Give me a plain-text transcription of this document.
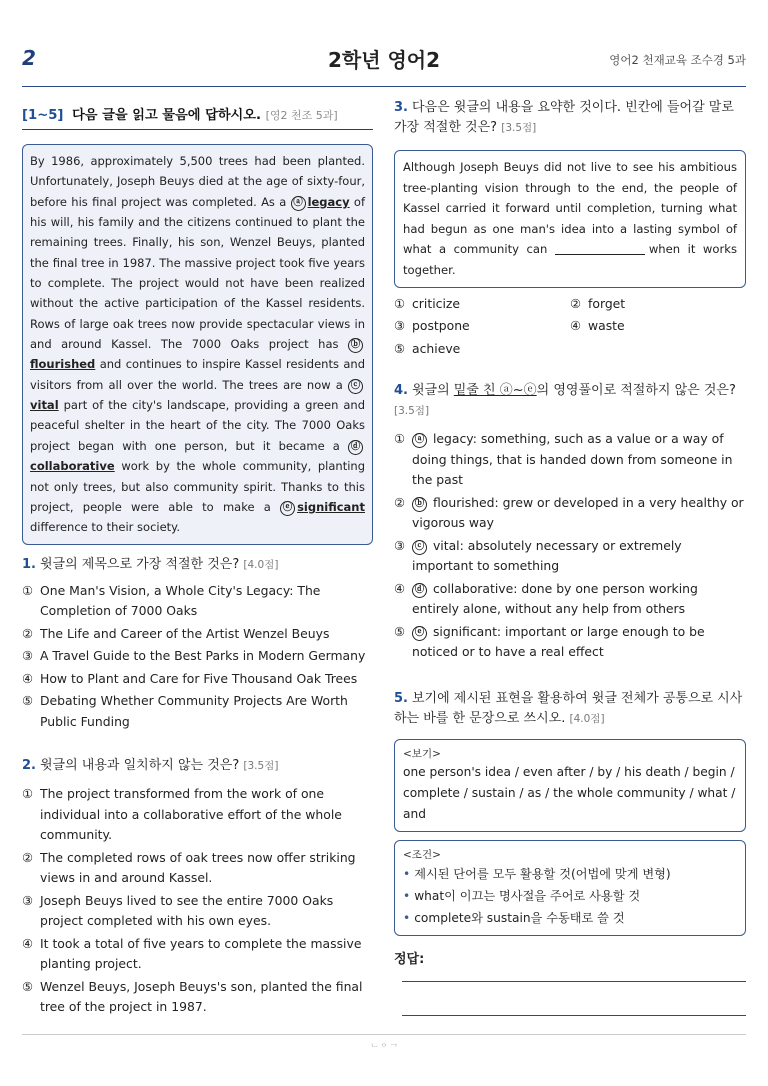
2	2학년 영어2	영어2 천재교육 조수경 5과
[1~5] 다음 글을 읽고 물음에 답하시오. [영2 천조 5과]
By 1986, approximately 5,500 trees had been planted. Unfortunately, Joseph Beuys died at the age of sixty-four, before his final project was completed. As a ⓐ legacy of his will, his family and the citizens continued to plant the remaining trees. Finally, his son, Wenzel Beuys, planted the final tree in 1987. The massive project took five years to complete. The project would not have been realized without the active participation of the Kassel residents. Rows of large oak trees now provide spectacular views in and around Kassel. The 7000 Oaks project has ⓑflourished and continues to inspire Kassel residents and visitors from all over the world. The trees are now a ⓒvital part of the city's landscape, providing a green and peaceful shelter in the heart of the city. The 7000 Oaks project began with one person, but it became a ⓓcollaborative work by the whole community, planting not only trees, but also community spirit. Thanks to this project, people were able to make a ⓔ significant difference to their society.
1. 윗글의 제목으로 가장 적절한 것은? [4.0점]
① One Man's Vision, a Whole City's Legacy: The Completion of 7000 Oaks
② The Life and Career of the Artist Wenzel Beuys
③ A Travel Guide to the Best Parks in Modern Germany
④ How to Plant and Care for Five Thousand Oak Trees
⑤ Debating Whether Community Projects Are Worth Public Funding
2. 윗글의 내용과 일치하지 않는 것은? [3.5점]
① The project transformed from the work of one individual into a collaborative effort of the whole community.
② The completed rows of oak trees now offer striking views in and around Kassel.
③ Joseph Beuys lived to see the entire 7000 Oaks project completed with his own eyes.
④ It took a total of five years to complete the massive planting project.
⑤ Wenzel Beuys, Joseph Beuys's son, planted the final tree of the project in 1987.
3. 다음은 윗글의 내용을 요약한 것이다. 빈칸에 들어갈 말로 가장 적절한 것은? [3.5점]
Although Joseph Beuys did not live to see his ambitious tree-planting vision through to the end, the people of Kassel carried it forward until completion, turning what had begun as one man's idea into a lasting symbol of what a community can	when it works together.
① criticize	② forget
③ postpone	④ waste
⑤ achieve
4. 윗글의 밑줄 친 ⓐ~ⓔ의 영영풀이로 적절하지 않은 것은? [3.5점]
① ⓐ legacy: something, such as a value or a way of doing things, that is handed down from someone in the past
② ⓑ flourished: grew or developed in a very healthy or vigorous way
③ ⓒ vital: absolutely necessary or extremely important to something
④ ⓓ collaborative: done by one person working entirely alone, without any help from others
⑤ ⓔ significant: important or large enough to be noticed or to have a real effect
5. 보기에 제시된 표현을 활용하여 윗글 전체가 공통으로 시사하는 바를 한 문장으로 쓰시오. [4.0점]
<보기>
one person's idea / even after / by / his death / begin / complete / sustain / as / the whole community / what / and
<조건>
• 제시된 단어를 모두 활용할 것(어법에 맞게 변형)
• what이 이끄는 명사절을 주어로 사용할 것
• complete와 sustain을 수동태로 쓸 것
정답:
ᄂᄋᄀ
